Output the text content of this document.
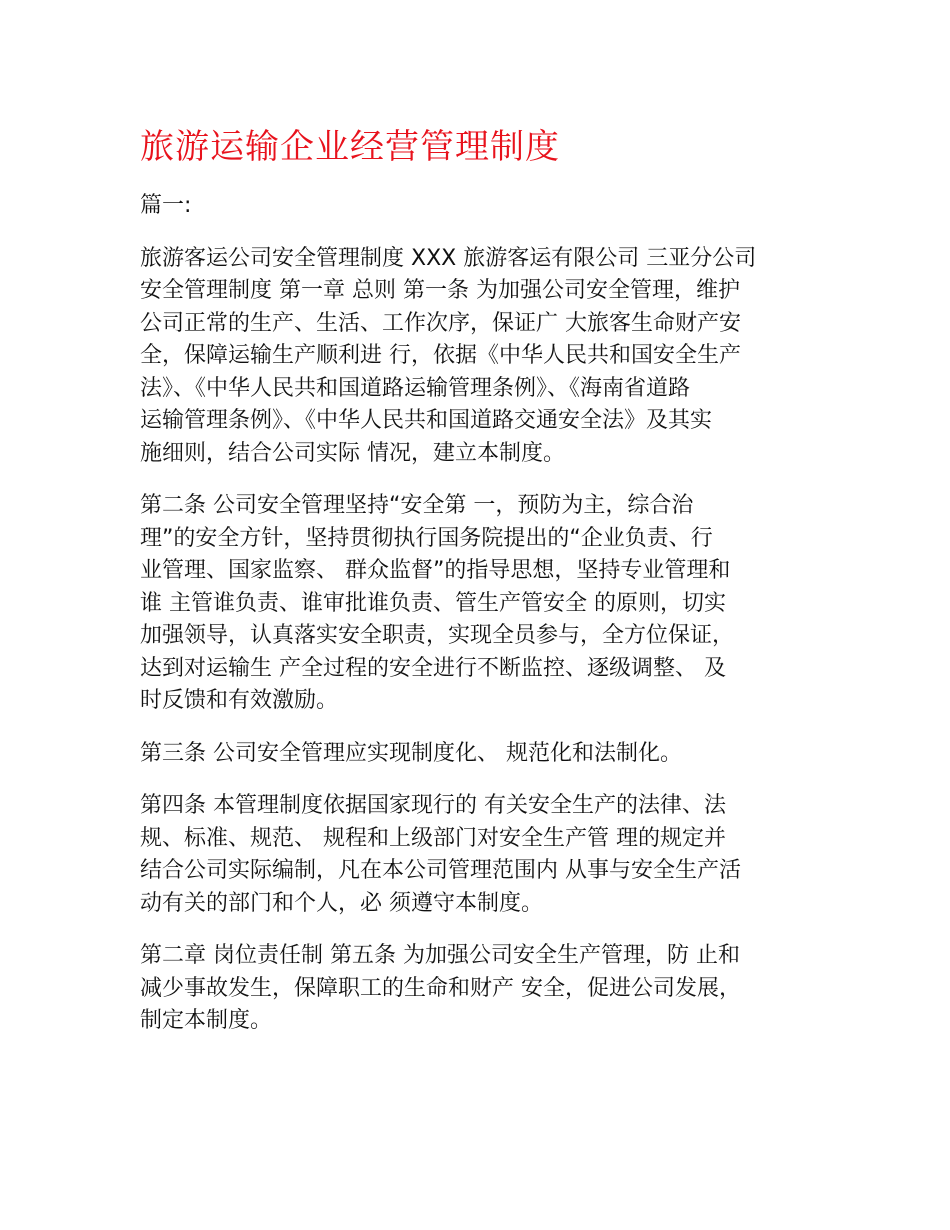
旅游运输企业经营管理制度

篇一:

旅游客运公司安全管理制度 XXX 旅游客运有限公司 三亚分公司
安全管理制度 第一章 总则 第一条 为加强公司安全管理，维护
公司正常的生产、生活、工作次序，保证广 大旅客生命财产安
全，保障运输生产顺利进 行，依据《中华人民共和国安全生产
法》、《中华人民共和国道路运输管理条例》、《海南省道路
运输管理条例》、《中华人民共和国道路交通安全法》及其实
施细则，结合公司实际 情况，建立本制度。

第二条 公司安全管理坚持“安全第 一，预防为主，综合治
理”的安全方针，坚持贯彻执行国务院提出的“企业负责、行
业管理、国家监察、 群众监督”的指导思想，坚持专业管理和
谁 主管谁负责、谁审批谁负责、管生产管安全 的原则，切实
加强领导，认真落实安全职责，实现全员参与，全方位保证，
达到对运输生 产全过程的安全进行不断监控、逐级调整、 及
时反馈和有效激励。

第三条 公司安全管理应实现制度化、 规范化和法制化。

第四条 本管理制度依据国家现行的 有关安全生产的法律、法
规、标准、规范、 规程和上级部门对安全生产管 理的规定并
结合公司实际编制，凡在本公司管理范围内 从事与安全生产活
动有关的部门和个人，必 须遵守本制度。

第二章 岗位责任制 第五条 为加强公司安全生产管理，防 止和
减少事故发生，保障职工的生命和财产 安全，促进公司发展，
制定本制度。
